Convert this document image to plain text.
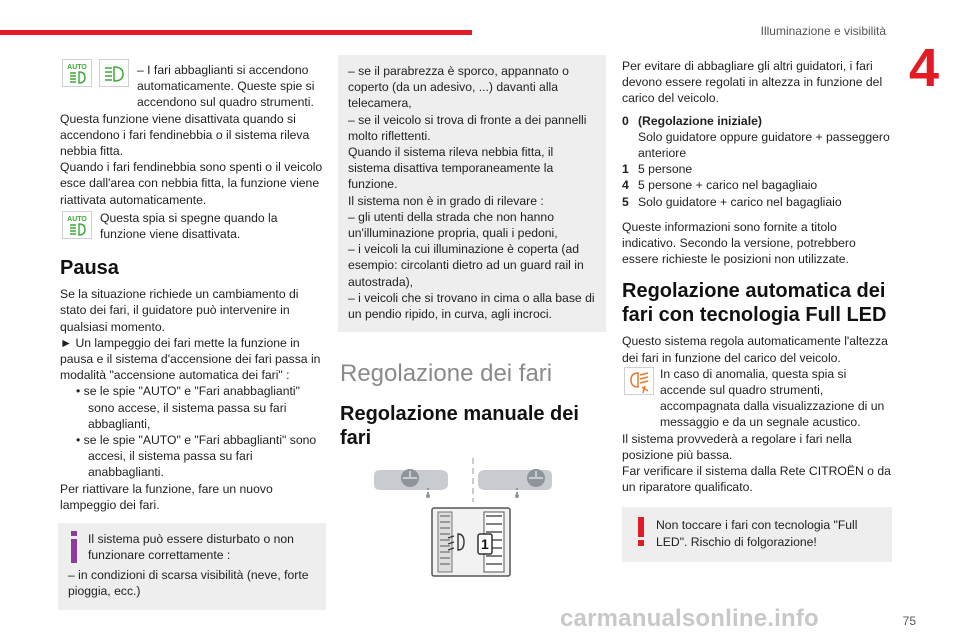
Illuminazione e visibilità
4
AUTO	– I fari abbaglianti si accendono automaticamente. Queste spie si accendono sul quadro strumenti.

Questa funzione viene disattivata quando si accendono i fari fendinebbia o il sistema rileva nebbia fitta.

Quando i fari fendinebbia sono spenti o il veicolo esce dall'area con nebbia fitta, la funzione viene riattivata automaticamente.

AUTO Questa spia si spegne quando la funzione viene disattivata.

Pausa

Se la situazione richiede un cambiamento di stato dei fari, il guidatore può intervenire in qualsiasi momento.

► Un lampeggio dei fari mette la funzione in pausa e il sistema d'accensione dei fari passa in modalità "accensione automatica dei fari" :

• se le spie "AUTO" e "Fari anabbaglianti" sono accese, il sistema passa su fari abbaglianti,

• se le spie "AUTO" e "Fari abbaglianti" sono accesi, il sistema passa su fari anabbaglianti.

Per riattivare la funzione, fare un nuovo lampeggio dei fari.

Il sistema può essere disturbato o non funzionare correttamente :

– in condizioni di scarsa visibilità (neve, forte pioggia, ecc.)

– se il parabrezza è sporco, appannato o coperto (da un adesivo, ...) davanti alla telecamera,

– se il veicolo si trova di fronte a dei pannelli molto riflettenti.

Quando il sistema rileva nebbia fitta, il sistema disattiva temporaneamente la funzione.

Il sistema non è in grado di rilevare :

– gli utenti della strada che non hanno un'illuminazione propria, quali i pedoni,

– i veicoli la cui illuminazione è coperta (ad esempio: circolanti dietro ad un guard rail in autostrada),

– i veicoli che si trovano in cima o alla base di un pendio ripido, in curva, agli incroci.

Regolazione dei fari
Regolazione manuale dei fari
1

Per evitare di abbagliare gli altri guidatori, i fari devono essere regolati in altezza in funzione del carico del veicolo.

0 (Regolazione iniziale)
Solo guidatore oppure guidatore + passeggero anteriore
1 5 persone
4 5 persone + carico nel bagagliaio
5 Solo guidatore + carico nel bagagliaio

Queste informazioni sono fornite a titolo indicativo. Secondo la versione, potrebbero essere richieste le posizioni non utilizzate.

Regolazione automatica dei fari con tecnologia Full LED

Questo sistema regola automaticamente l'altezza dei fari in funzione del carico del veicolo.

In caso di anomalia, questa spia si accende sul quadro strumenti, accompagnata dalla visualizzazione di un messaggio e da un segnale acustico.

Il sistema provvederà a regolare i fari nella posizione più bassa.

Far verificare il sistema dalla Rete CITROËN o da un riparatore qualificato.

Non toccare i fari con tecnologia "Full LED". Rischio di folgorazione!

carmanualsonline.info	75
